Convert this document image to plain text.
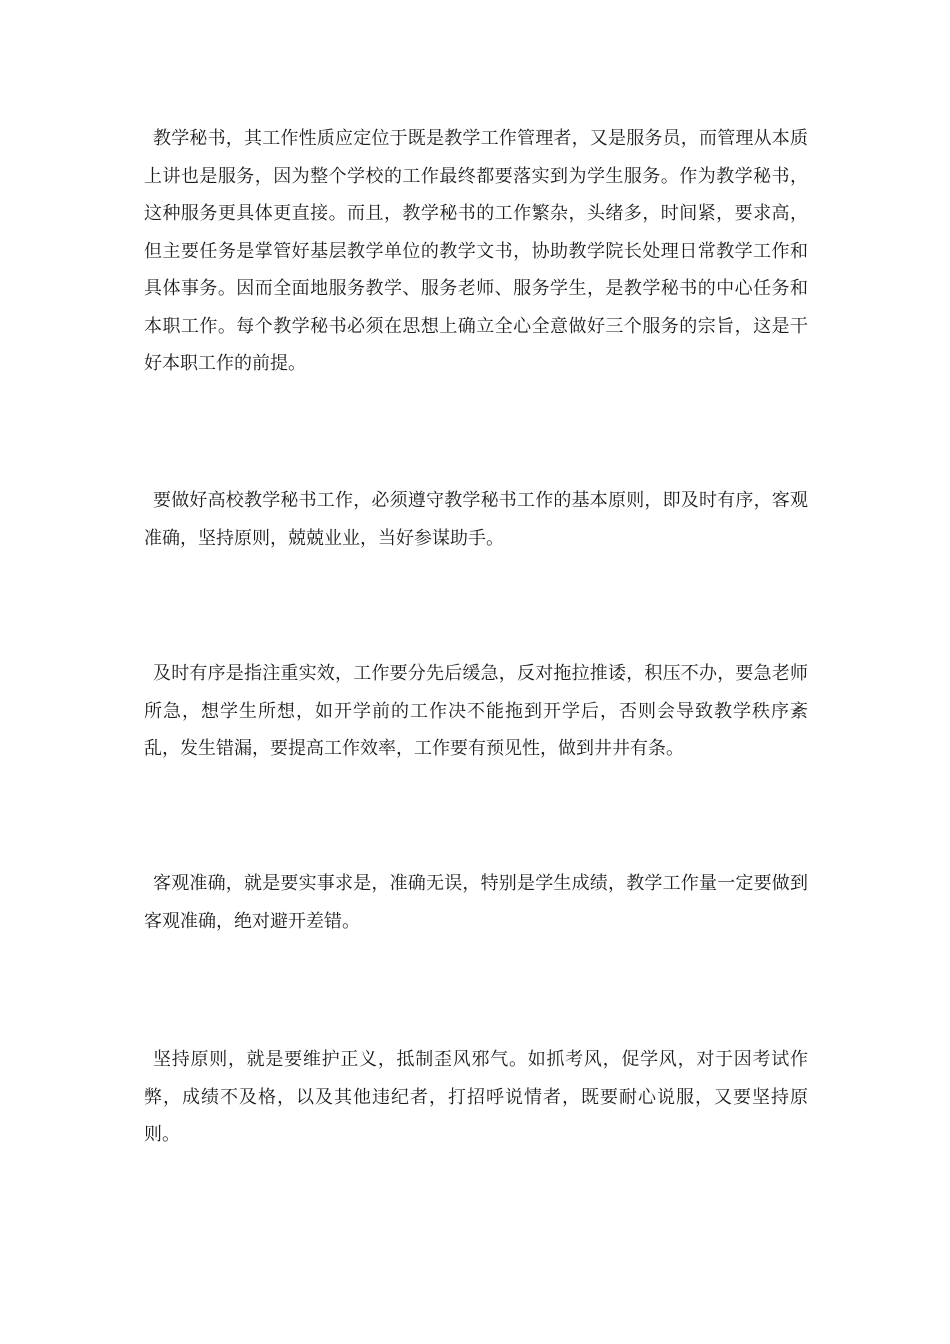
教学秘书，其工作性质应定位于既是教学工作管理者，又是服务员，而管理从本质上讲也是服务，因为整个学校的工作最终都要落实到为学生服务。作为教学秘书，这种服务更具体更直接。而且，教学秘书的工作繁杂，头绪多，时间紧，要求高，但主要任务是掌管好基层教学单位的教学文书，协助教学院长处理日常教学工作和具体事务。因而全面地服务教学、服务老师、服务学生，是教学秘书的中心任务和本职工作。每个教学秘书必须在思想上确立全心全意做好三个服务的宗旨，这是干好本职工作的前提。

要做好高校教学秘书工作，必须遵守教学秘书工作的基本原则，即及时有序，客观准确，坚持原则，兢兢业业，当好参谋助手。

及时有序是指注重实效，工作要分先后缓急，反对拖拉推诿，积压不办，要急老师所急，想学生所想，如开学前的工作决不能拖到开学后，否则会导致教学秩序紊乱，发生错漏，要提高工作效率，工作要有预见性，做到井井有条。

客观准确，就是要实事求是，准确无误，特别是学生成绩，教学工作量一定要做到客观准确，绝对避开差错。

坚持原则，就是要维护正义，抵制歪风邪气。如抓考风，促学风，对于因考试作弊，成绩不及格，以及其他违纪者，打招呼说情者，既要耐心说服，又要坚持原则。
